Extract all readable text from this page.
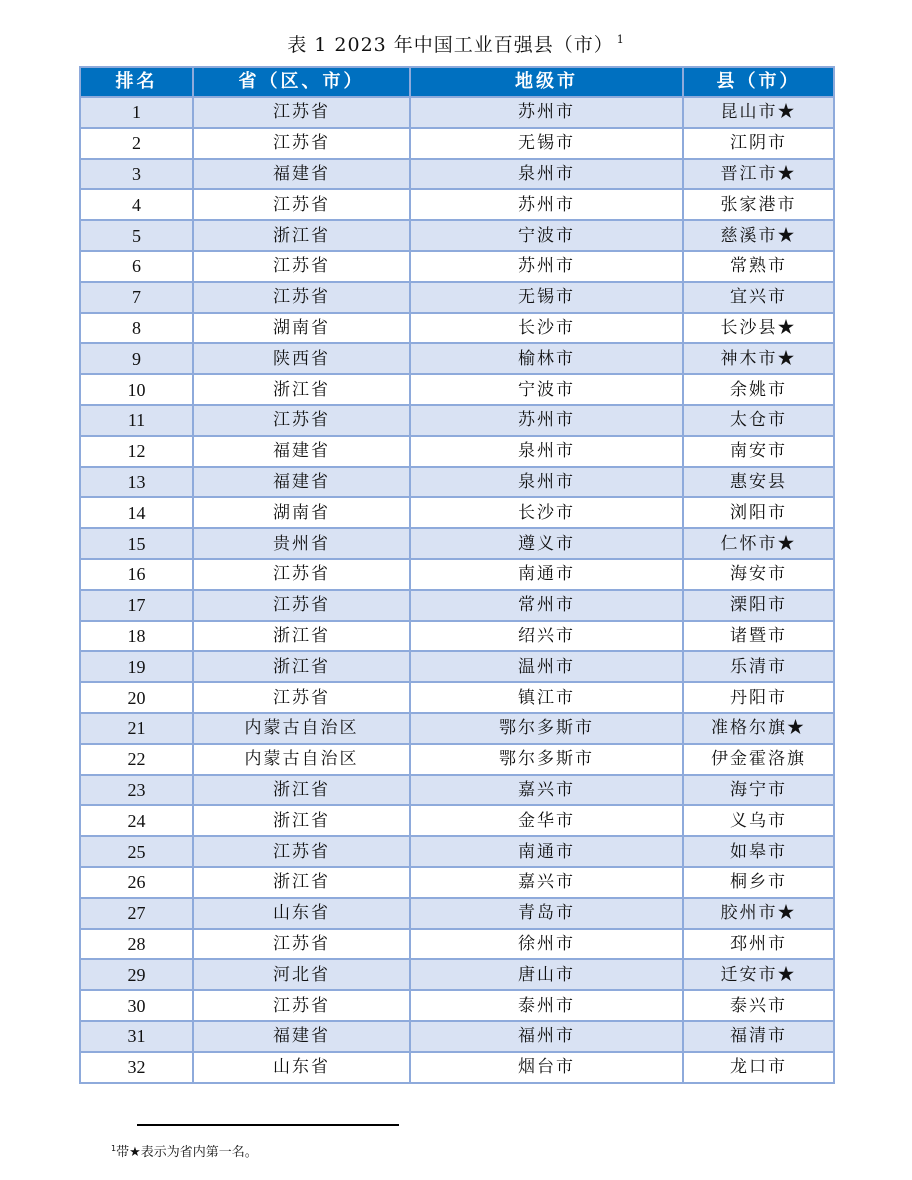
表 1 2023 年中国工业百强县（市） $^1$
排名	省（区、市）	地级市	县（市）
1	江苏省	苏州市	昆山市★
2	江苏省	无锡市	江阴市
3	福建省	泉州市	晋江市★
4	江苏省	苏州市	张家港市
5	浙江省	宁波市	慈溪市★
6	江苏省	苏州市	常熟市
7	江苏省	无锡市	宜兴市
8	湖南省	长沙市	长沙县★
9	陕西省	榆林市	神木市★
10	浙江省	宁波市	余姚市
11	江苏省	苏州市	太仓市
12	福建省	泉州市	南安市
13	福建省	泉州市	惠安县
14	湖南省	长沙市	浏阳市
15	贵州省	遵义市	仁怀市★
16	江苏省	南通市	海安市
17	江苏省	常州市	溧阳市
18	浙江省	绍兴市	诸暨市
19	浙江省	温州市	乐清市
20	江苏省	镇江市	丹阳市
21	内蒙古自治区	鄂尔多斯市	准格尔旗★
22	内蒙古自治区	鄂尔多斯市	伊金霍洛旗
23	浙江省	嘉兴市	海宁市
24	浙江省	金华市	义乌市
25	江苏省	南通市	如皋市
26	浙江省	嘉兴市	桐乡市
27	山东省	青岛市	胶州市★
28	江苏省	徐州市	邳州市
29	河北省	唐山市	迁安市★
30	江苏省	泰州市	泰兴市
31	福建省	福州市	福清市
32	山东省	烟台市	龙口市
$^1$带★表示为省内第一名。
